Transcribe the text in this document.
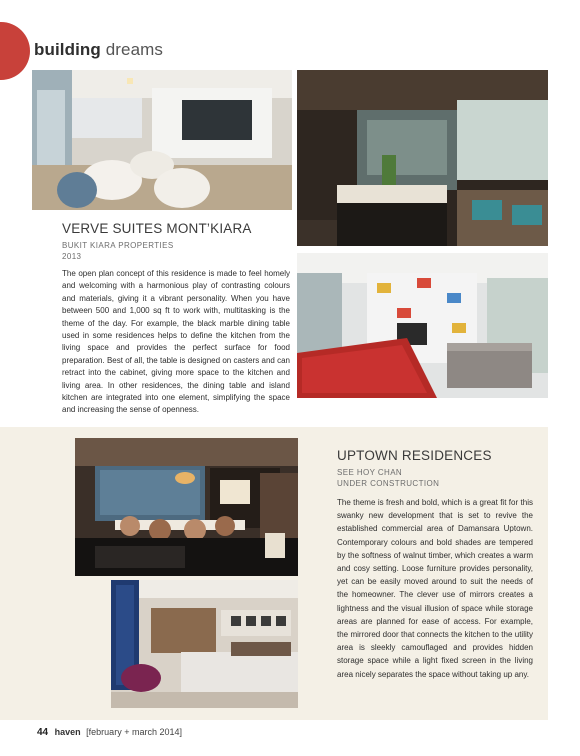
building dreams
VERVE SUITES MONT’KIARA
BUKIT KIARA PROPERTIES
2013
The open plan concept of this residence is made to feel homely and welcoming with a harmonious play of contrasting colours and materials, giving it a vibrant personality. When you have between 500 and 1,000 sq ft to work with, multitasking is the theme of the day. For example, the black marble dining table used in some residences helps to define the kitchen from the living space and provides the perfect surface for food preparation. Best of all, the table is designed on casters and can retract into the cabinet, giving more space to the kitchen and living area. In other residences, the dining table and island kitchen are integrated into one element, simplifying the space and increasing the sense of openness.
UPTOWN RESIDENCES
SEE HOY CHAN
UNDER CONSTRUCTION
The theme is fresh and bold, which is a great fit for this swanky new development that is set to revive the established commercial area of Damansara Uptown. Contemporary colours and bold shades are tempered by the softness of walnut timber, which creates a warm and cosy setting. Loose furniture provides personality, yet can be easily moved around to suit the needs of the homeowner. The clever use of mirrors creates a lightness and the visual illusion of space while storage areas are planned for ease of access. For example, the mirrored door that connects the kitchen to the utility area is sleekly camouflaged and provides hidden storage space while a light fixed screen in the living area nicely separates the space without taking up any.
44 haven [february + march 2014]
